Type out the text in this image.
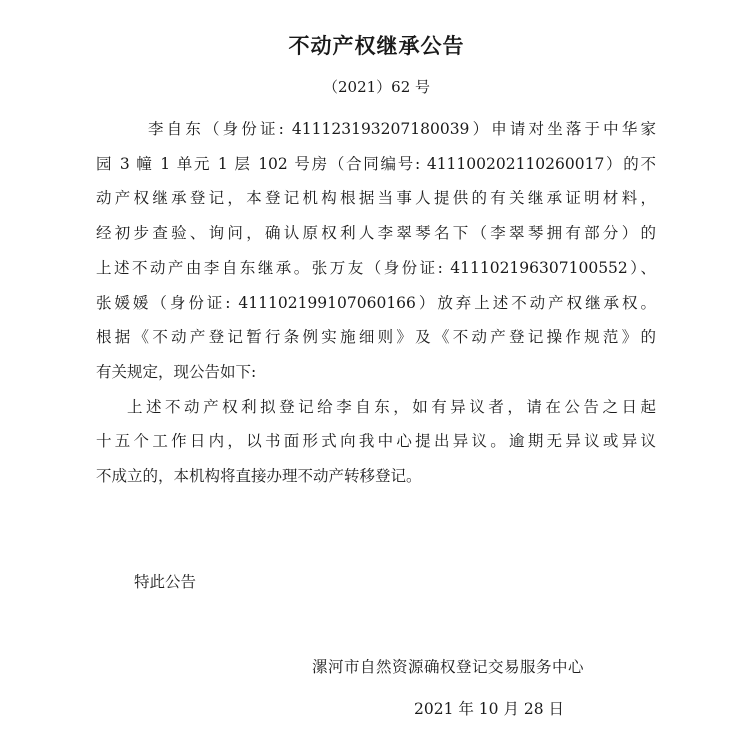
不动产权继承公告
（2021）62 号
李自东（身份证: 411123193207180039）申请对坐落于中华家
园 3 幢 1 单元 1 层 102 号房（合同编号: 411100202110260017）的不
动产权继承登记，本登记机构根据当事人提供的有关继承证明材料，
经初步查验、询问，确认原权利人李翠琴名下（李翠琴拥有部分）的
上述不动产由李自东继承。张万友（身份证: 411102196307100552）、
张媛媛（身份证: 411102199107060166）放弃上述不动产权继承权。
根据《不动产登记暂行条例实施细则》及《不动产登记操作规范》的
有关规定，现公告如下:
上述不动产权利拟登记给李自东，如有异议者，请在公告之日起
十五个工作日内，以书面形式向我中心提出异议。逾期无异议或异议
不成立的，本机构将直接办理不动产转移登记。
特此公告
漯河市自然资源确权登记交易服务中心
2021 年 10 月 28 日
